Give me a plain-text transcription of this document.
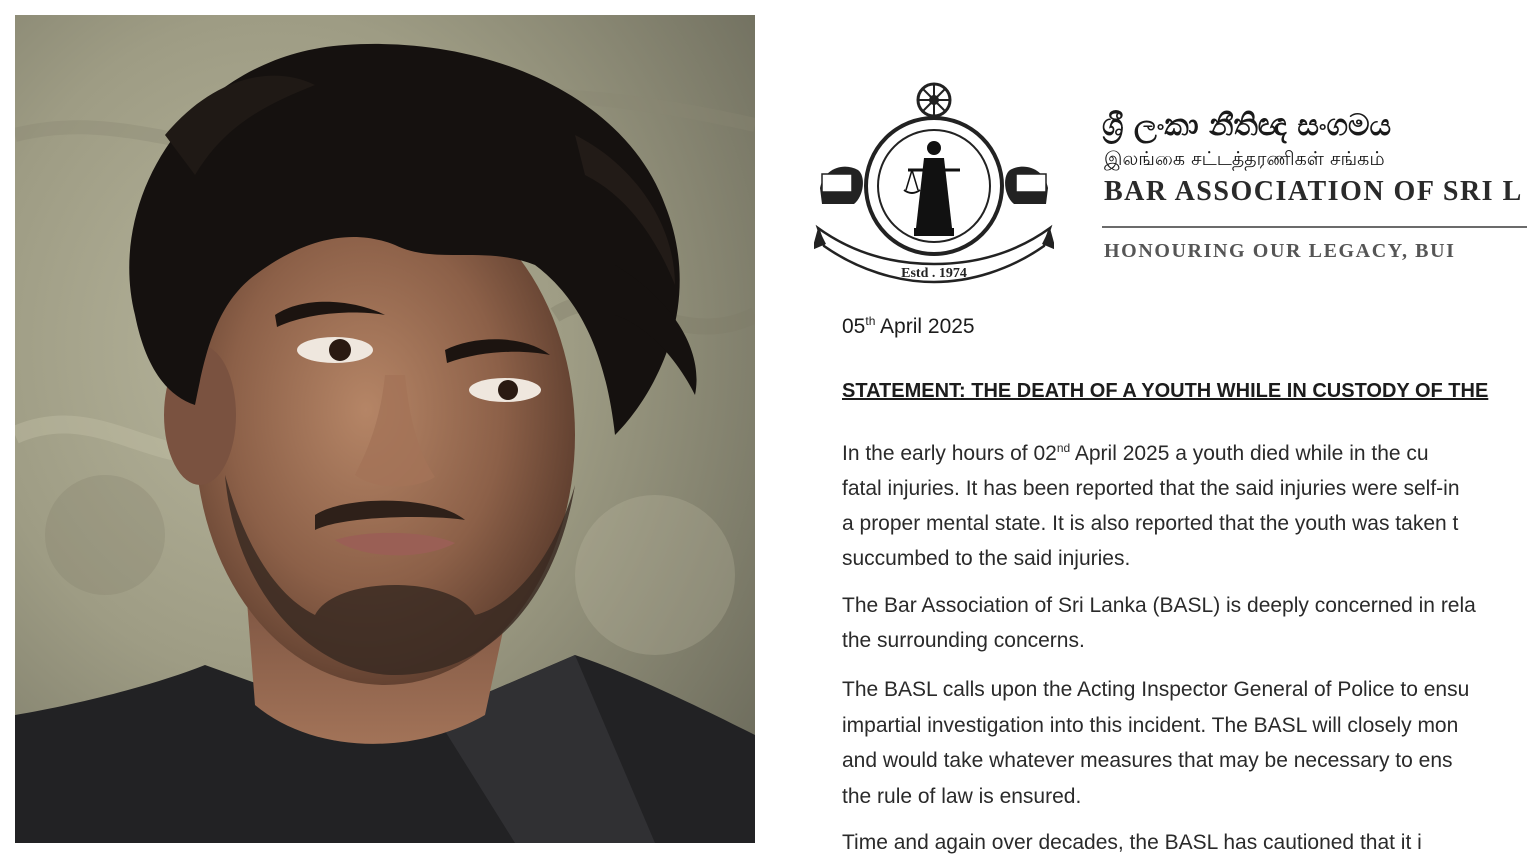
Estd . 1974
ශ්‍රී ලංකා නීතිඥ සංගමය
இலங்கை சட்டத்தரணிகள் சங்கம்
BAR ASSOCIATION OF SRI L
HONOURING OUR LEGACY, BUI
05th April 2025
STATEMENT: THE DEATH OF A YOUTH WHILE IN CUSTODY OF THE
In the early hours of 02nd April 2025 a youth died while in the cu
fatal injuries. It has been reported that the said injuries were self-in
a proper mental state. It is also reported that the youth was taken t
succumbed to the said injuries.
The Bar Association of Sri Lanka (BASL) is deeply concerned in rela
the surrounding concerns.
The BASL calls upon the Acting Inspector General of Police to ensu
impartial investigation into this incident. The BASL will closely mon
and would take whatever measures that may be necessary to ens
the rule of law is ensured.
Time and again over decades, the BASL has cautioned that it i
